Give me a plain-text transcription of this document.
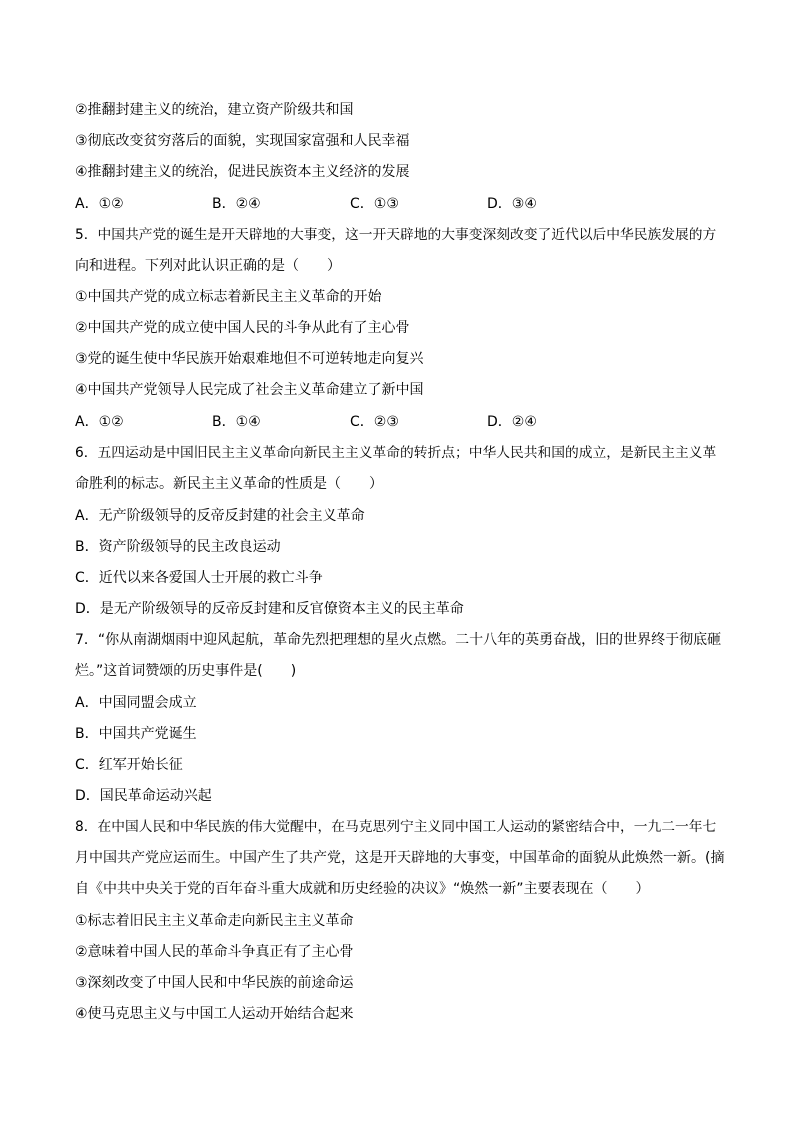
②推翻封建主义的统治，建立资产阶级共和国
③彻底改变贫穷落后的面貌，实现国家富强和人民幸福
④推翻封建主义的统治，促进民族资本主义经济的发展
A．①②	B．②④	C．①③	D．③④
5．中国共产党的诞生是开天辟地的大事变，这一开天辟地的大事变深刻改变了近代以后中华民族发展的方
向和进程。下列对此认识正确的是（　　）
①中国共产党的成立标志着新民主主义革命的开始
②中国共产党的成立使中国人民的斗争从此有了主心骨
③党的诞生使中华民族开始艰难地但不可逆转地走向复兴
④中国共产党领导人民完成了社会主义革命建立了新中国
A．①②	B．①④	C．②③	D．②④
6．五四运动是中国旧民主主义革命向新民主主义革命的转折点；中华人民共和国的成立，是新民主主义革
命胜利的标志。新民主主义革命的性质是（　　）
A．无产阶级领导的反帝反封建的社会主义革命
B．资产阶级领导的民主改良运动
C．近代以来各爱国人士开展的救亡斗争
D．是无产阶级领导的反帝反封建和反官僚资本主义的民主革命
7．“你从南湖烟雨中迎风起航，革命先烈把理想的星火点燃。二十八年的英勇奋战，旧的世界终于彻底砸
烂。”这首词赞颂的历史事件是(　　)
A．中国同盟会成立
B．中国共产党诞生
C．红军开始长征
D．国民革命运动兴起
8．在中国人民和中华民族的伟大觉醒中，在马克思列宁主义同中国工人运动的紧密结合中，一九二一年七
月中国共产党应运而生。中国产生了共产党，这是开天辟地的大事变，中国革命的面貌从此焕然一新。(摘
自《中共中央关于党的百年奋斗重大成就和历史经验的决议》“焕然一新”主要表现在（　　）
①标志着旧民主主义革命走向新民主主义革命
②意味着中国人民的革命斗争真正有了主心骨
③深刻改变了中国人民和中华民族的前途命运
④使马克思主义与中国工人运动开始结合起来
